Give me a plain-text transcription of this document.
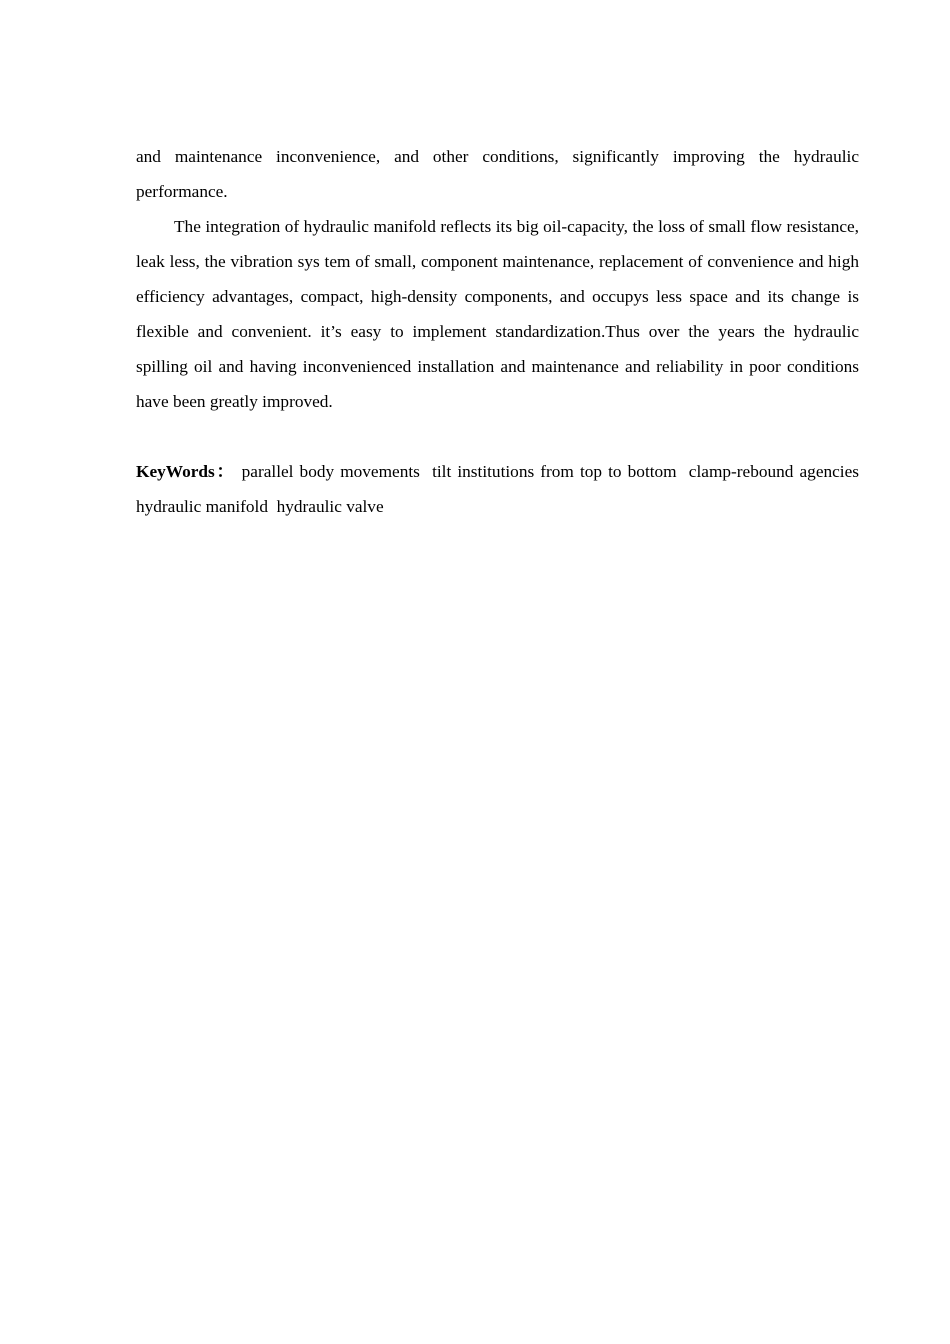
and maintenance inconvenience, and other conditions, significantly improving the hydraulic performance.

The integration of hydraulic manifold reflects its big oil-capacity, the loss of small flow resistance, leak less, the vibration sys tem of small, component maintenance, replacement of convenience and high efficiency advantages, compact, high-density components, and occupys less space and its change is flexible and convenient. it’s easy to implement standardization.Thus over the years the hydraulic spilling oil and having inconvenienced installation and maintenance and reliability in poor conditions have been greatly improved.

KeyWords： parallel body movements  tilt institutions from top to bottom  clamp-rebound agencies  hydraulic manifold  hydraulic valve
